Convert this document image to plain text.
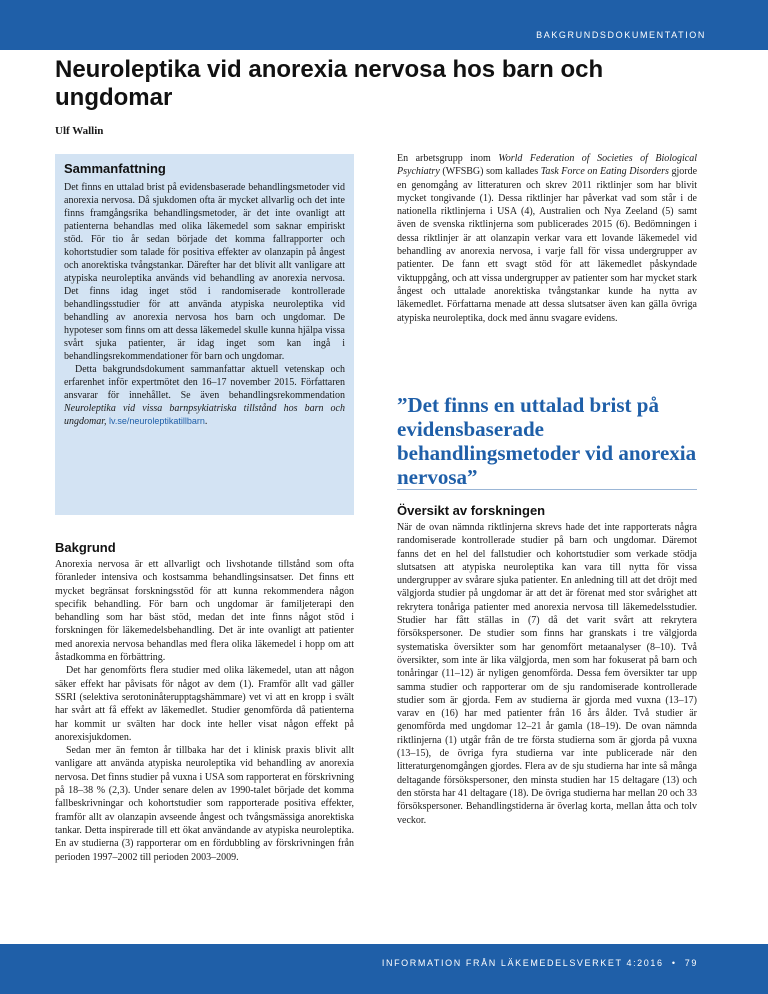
BAKGRUNDSDOKUMENTATION
Neuroleptika vid anorexia nervosa hos barn och ungdomar
Ulf Wallin
Sammanfattning

Det finns en uttalad brist på evidensbaserade behandlingsmetoder vid anorexia nervosa. Då sjukdomen ofta är mycket allvarlig och det inte finns framgångsrika behandlingsmetoder, är det inte ovanligt att patienterna behandlas med olika läkemedel som saknar empiriskt stöd. För tio år sedan började det komma fallrapporter och kohortstudier som talade för positiva effekter av olanzapin på ångest och anorektiska tvångstankar. Därefter har det blivit allt vanligare att atypiska neuroleptika används vid behandling av anorexia nervosa. Det finns idag inget stöd i randomiserade kontrollerade behandlingsstudier för att använda atypiska neuroleptika vid behandling av anorexia nervosa hos barn och ungdomar. De hypoteser som finns om att dessa läkemedel skulle kunna hjälpa vissa svårt sjuka patienter, är idag inget som kan ingå i behandlingsrekommendationer för barn och ungdomar.

Detta bakgrundsdokument sammanfattar aktuell vetenskap och erfarenhet inför expertmötet den 16–17 november 2015. Författaren ansvarar för innehållet. Se även behandlingsrekommendation Neuroleptika vid vissa barnpsykiatriska tillstånd hos barn och ungdomar, lv.se/neuroleptikatillbarn.

Bakgrund

Anorexia nervosa är ett allvarligt och livshotande tillstånd som ofta föranleder intensiva och kostsamma behandlingsinsatser. Det finns ett mycket begränsat forskningsstöd för att kunna rekommendera någon specifik behandling. För barn och ungdomar är familjeterapi den behandling som har bäst stöd, medan det inte finns något stöd i forskningen för läkemedelsbehandling. Det är inte ovanligt att patienter med anorexia nervosa behandlas med flera olika läkemedel i hopp om att åstadkomma en förbättring.

Det har genomförts flera studier med olika läkemedel, utan att någon säker effekt har påvisats för något av dem (1). Framför allt vad gäller SSRI (selektiva serotoninåterupptagshämmare) vet vi att en kropp i svält har svårt att få effekt av läkemedlet. Studier genomförda då patienterna har kommit ur svälten har dock inte heller visat någon effekt på anorexisjukdomen.

Sedan mer än femton år tillbaka har det i klinisk praxis blivit allt vanligare att använda atypiska neuroleptika vid behandling av anorexia nervosa. Det finns studier på vuxna i USA som rapporterat en förskrivning på 18–38 % (2,3). Under senare delen av 1990-talet började det komma fallbeskrivningar och kohortstudier som rapporterade positiva effekter, framför allt av olanzapin avseende ångest och tvångsmässiga anorektiska tankar. Detta inspirerade till ett ökat användande av atypiska neuroleptika. En av studierna (3) rapporterar om en fördubbling av förskrivningen från perioden 1997–2002 till perioden 2003–2009.

En arbetsgrupp inom World Federation of Societies of Biological Psychiatry (WFSBG) som kallades Task Force on Eating Disorders gjorde en genomgång av litteraturen och skrev 2011 riktlinjer som har blivit mycket tongivande (1). Dessa riktlinjer har påverkat vad som står i de nationella riktlinjerna i USA (4), Australien och Nya Zeeland (5) samt även de svenska riktlinjerna som publicerades 2015 (6). Bedömningen i dessa riktlinjer är att olanzapin verkar vara ett lovande läkemedel vid behandling av anorexia nervosa, i varje fall för vissa undergrupper av patienter. De fann ett svagt stöd för att läkemedlet påskyndade viktuppgång, och att vissa undergrupper av patienter som har mycket stark ångest och uttalade anorektiska tvångstankar kunde ha nytta av läkemedlet. Författarna menade att dessa slutsatser även kan gälla övriga atypiska neuroleptika, dock med ännu svagare evidens.

”Det finns en uttalad brist på evidensbaserade behandlingsmetoder vid anorexia nervosa”

Översikt av forskningen

När de ovan nämnda riktlinjerna skrevs hade det inte rapporterats några randomiserade kontrollerade studier på barn och ungdomar. Däremot fanns det en hel del fallstudier och kohortstudier som verkade stödja slutsatsen att atypiska neuroleptika kan vara till nytta för vissa undergrupper av svårare sjuka patienter. En anledning till att det dröjt med välgjorda studier på ungdomar är att det är förenat med stor svårighet att rekrytera tonåriga patienter med anorexia nervosa till läkemedelsstudier. Studier har fått ställas in (7) då det varit svårt att rekrytera försökspersoner. De studier som finns har granskats i tre välgjorda systematiska översikter som har genomfört metaanalyser (8–10). Två översikter, som inte är lika välgjorda, men som har fokuserat på barn och tonåringar (11–12) är nyligen genomförda. Dessa fem översikter tar upp samma studier och rapporterar om de sju randomiserade kontrollerade studier som är gjorda. Fem av studierna är gjorda med vuxna (13–17) varav en (16) har med patienter från 16 års ålder. Två studier är genomförda med ungdomar 12–21 år gamla (18–19). De ovan nämnda riktlinjerna (1) utgår från de tre första studierna som är gjorda på vuxna (13–15), de övriga fyra studierna var inte publicerade när den litteraturgenomgången gjordes. Flera av de sju studierna har inte så många deltagande försökspersoner, den minsta studien har 15 deltagare (13) och den största har 41 deltagare (18). De övriga studierna har mellan 20 och 33 försökspersoner. Behandlingstiderna är överlag korta, mellan åtta och tolv veckor.

INFORMATION FRÅN LÄKEMEDELSVERKET 4:2016 • 79
